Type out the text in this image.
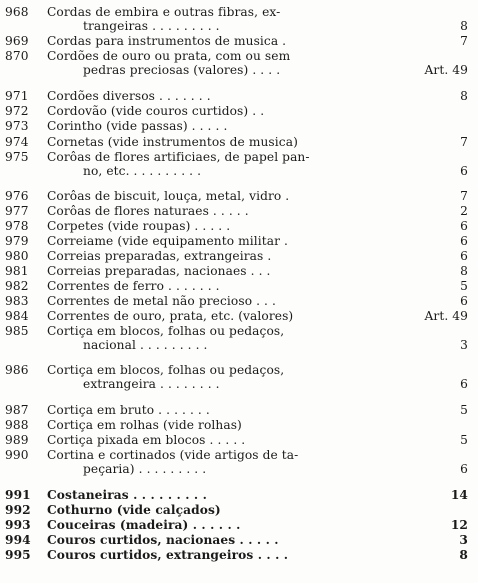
968 Cordas de embira e outras fibras, ex-
trangeiras . . . . . . . . .	8
969 Cordas para instrumentos de musica .	7
870 Cordões de ouro ou prata, com ou sem
pedras preciosas (valores) . . . .	Art. 49
971 Cordões diversos . . . . . . .	8
972 Cordovão (vide couros curtidos) . .
973 Corintho (vide passas) . . . . .
974 Cornetas (vide instrumentos de musica)	7
975 Corôas de flores artificiaes, de papel pan-
no, etc. . . . . . . . . .	6
976 Corôas de biscuit, louça, metal, vidro .	7
977 Corôas de flores naturaes . . . . .	2
978 Corpetes (vide roupas) . . . . .	6
979 Correiame (vide equipamento militar .	6
980 Correias preparadas, extrangeiras .	6
981 Correias preparadas, nacionaes . . .	8
982 Correntes de ferro . . . . . . .	5
983 Correntes de metal não precioso . . .	6
984 Correntes de ouro, prata, etc. (valores)	Art. 49
985 Cortiça em blocos, folhas ou pedaços,
nacional . . . . . . . . .	3
986 Cortiça em blocos, folhas ou pedaços,
extrangeira . . . . . . . .	6
987 Cortiça em bruto . . . . . . .	5
988 Cortiça em rolhas (vide rolhas)
989 Cortiça pixada em blocos . . . . .	5
990 Cortina e cortinados (vide artigos de ta-
peçaria) . . . . . . . . .	6
991 Costaneiras . . . . . . . . .	14
992 Cothurno (vide calçados)
993 Couceiras (madeira) . . . . . .	12
994 Couros curtidos, nacionaes . . . . .	3
995 Couros curtidos, extrangeiros . . . .	8
